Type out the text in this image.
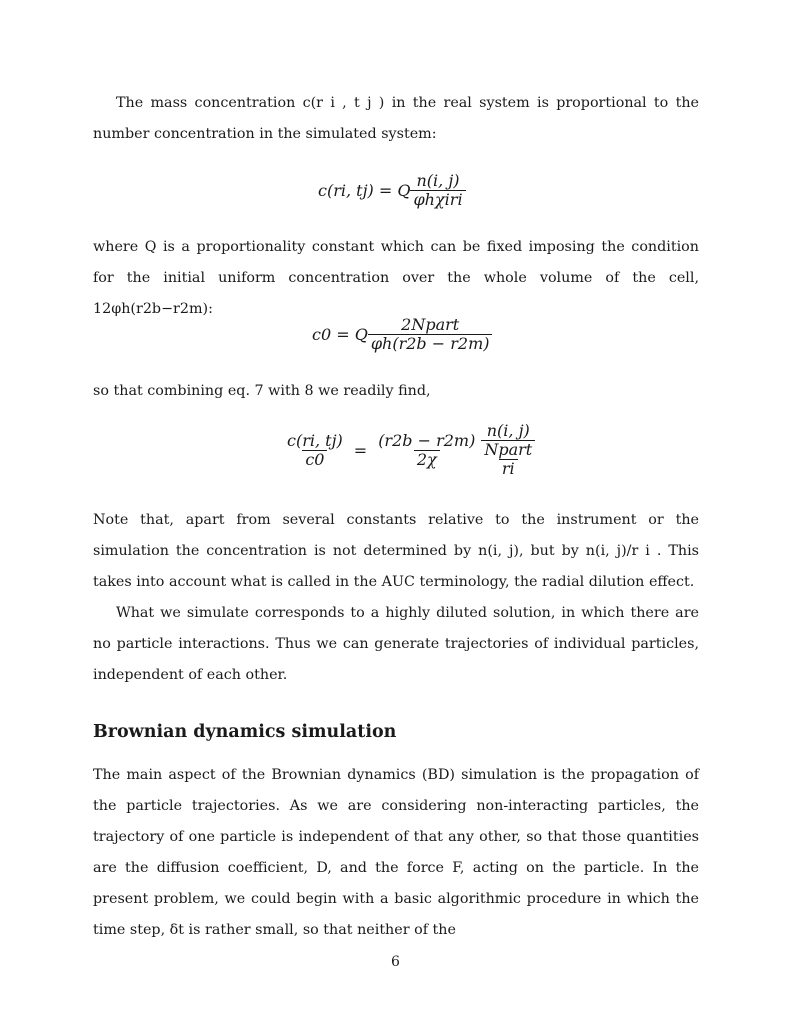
The mass concentration c(r i , t j ) in the real system is proportional to the number concentration in the simulated system:
c(ri, tj) = Q $\frac{n(i, j)}{\text{φhχiri}}$
where Q is a proportionality constant which can be fixed imposing the condition for the initial uniform concentration over the whole volume of the cell, 12φh(r2b−r2m):
c0 = Q $\frac{\text{2Npart}}{\varphi h(r2b - r2m)}$
so that combining eq. 7 with 8 we readily find,
$\frac{c(ri, tj)}{c0} = \frac{(r2b - r2m)}{2\chi} \frac{\frac{n(i, j)}{\text{Npart}}}{ri}$
Note that, apart from several constants relative to the instrument or the simulation the concentration is not determined by n(i, j), but by n(i, j)/r i . This takes into account what is called in the AUC terminology, the radial dilution effect.
What we simulate corresponds to a highly diluted solution, in which there are no particle interactions. Thus we can generate trajectories of individual particles, independent of each other.
Brownian dynamics simulation
The main aspect of the Brownian dynamics (BD) simulation is the propagation of the particle trajectories. As we are considering non-interacting particles, the trajectory of one particle is independent of that any other, so that those quantities are the diffusion coefficient, D, and the force F, acting on the particle. In the present problem, we could begin with a basic algorithmic procedure in which the time step, δt is rather small, so that neither of the
6
